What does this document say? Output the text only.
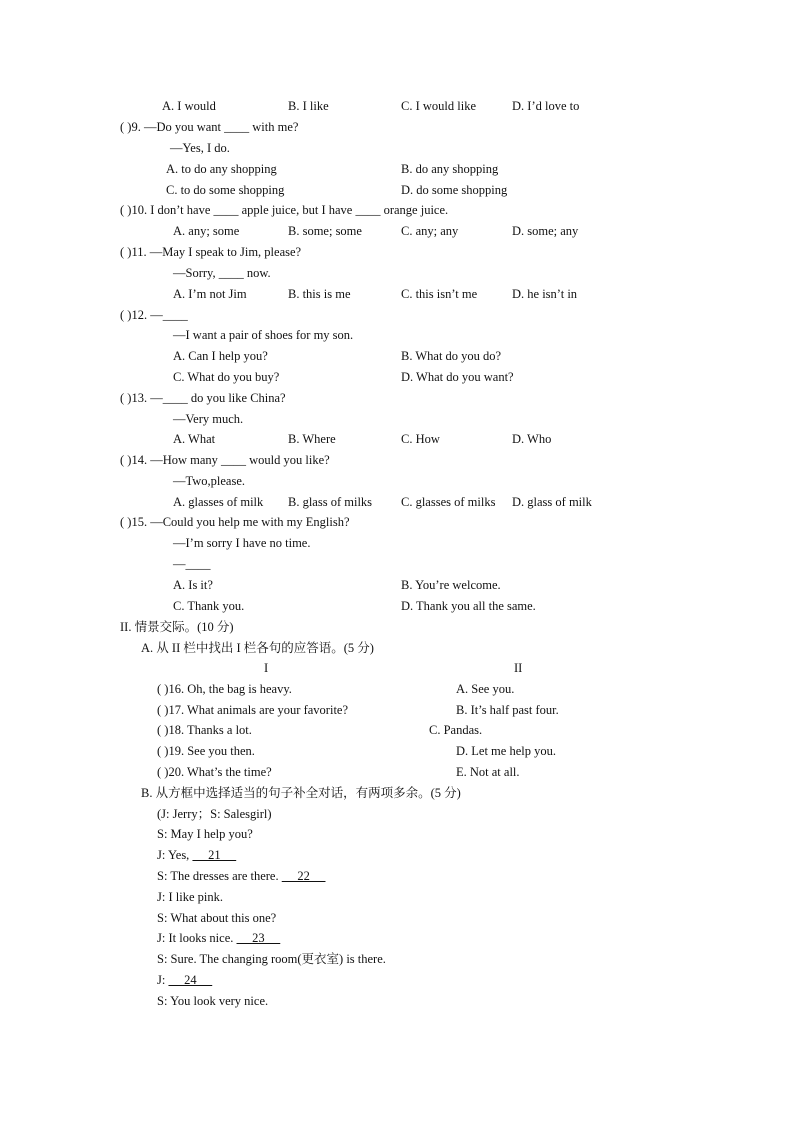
A. I would	B. I like	C. I would like	D. I’d love to
( )9. —Do you want ____ with me?
—Yes, I do.
A. to do any shopping	B. do any shopping
C. to do some shopping	D. do some shopping
( )10. I don’t have ____ apple juice, but I have ____ orange juice.
A. any; some	B. some; some	C. any; any	D. some; any
( )11. —May I speak to Jim, please?
—Sorry, ____ now.
A. I’m not Jim	B. this is me	C. this isn’t me	D. he isn’t in
( )12. —____
—I want a pair of shoes for my son.
A. Can I help you?	B. What do you do?
C. What do you buy?	D. What do you want?
( )13. —____ do you like China?
—Very much.
A. What	B. Where	C. How	D. Who
( )14. —How many ____ would you like?
—Two,please.
A. glasses of milk B. glass of milks C. glasses of milks D. glass of milk
( )15. —Could you help me with my English?
—I’m sorry I have no time.
—____
A. Is it?	B. You’re welcome.
C. Thank you.	D. Thank you all the same.
II. 情景交际。(10 分)
A. 从 II 栏中找出 I 栏各句的应答语。(5 分)
I	II
( )16. Oh, the bag is heavy.	A. See you.
( )17. What animals are your favorite?	B. It’s half past four.
( )18. Thanks a lot.	C. Pandas.
( )19. See you then.	D. Let me help you.
( )20. What’s the time?	E. Not at all.
B. 从方框中选择适当的句子补全对话，有两项多余。(5 分)
(J: Jerry；S: Salesgirl)
S: May I help you?
J: Yes,      21
S: The dresses are there.      22
J: I like pink.
S: What about this one?
J: It looks nice.      23
S: Sure. The changing room(更衣室) is there.
J:      24
S: You look very nice.
